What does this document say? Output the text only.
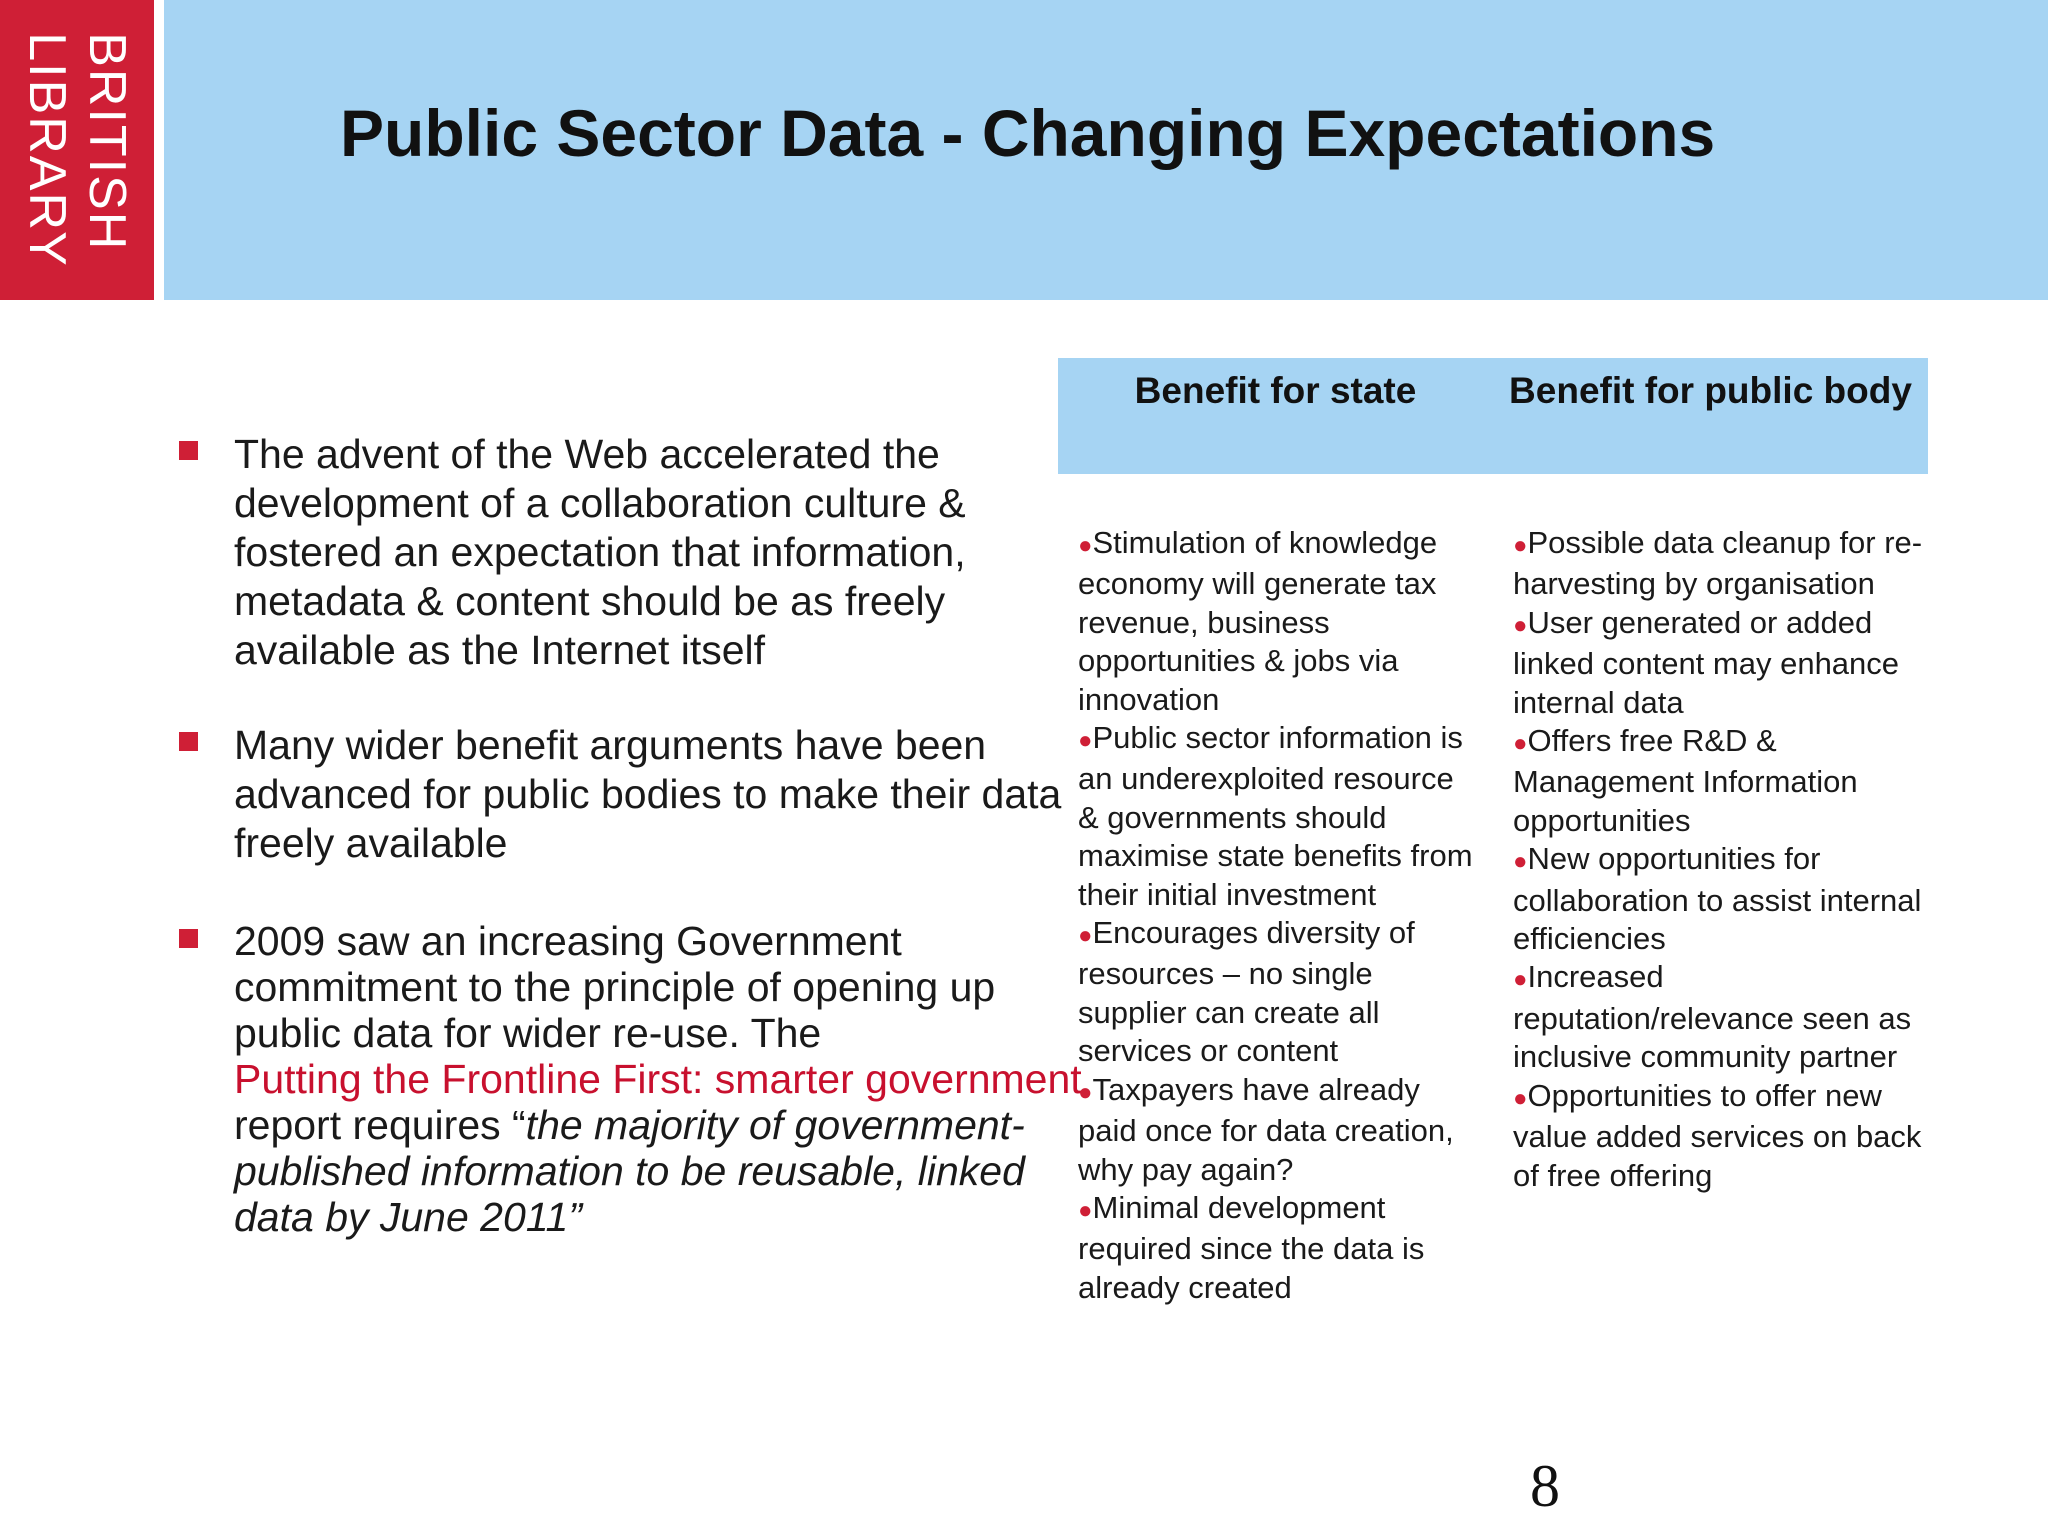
BRITISH
LIBRARY	Public Sector Data - Changing Expectations
The advent of the Web accelerated the development of a collaboration culture & fostered an expectation that information, metadata & content should be as freely available as the Internet itself
Many wider benefit arguments have been advanced for public bodies to make their data freely available
2009 saw an increasing Government commitment to the principle of opening up public data for wider re-use. The
Putting the Frontline First: smarter government
report requires “the majority of government-published information to be reusable, linked data by June 2011”
Benefit for state	Benefit for public body

●Stimulation of knowledge economy will generate tax revenue, business opportunities & jobs via innovation

●Public sector information is an underexploited resource & governments should maximise state benefits from their initial investment

●Encourages diversity of resources – no single supplier can create all services or content

●Taxpayers have already paid once for data creation, why pay again?

●Minimal development required since the data is already created

●Possible data cleanup for re-harvesting by organisation

●User generated or added linked content may enhance internal data

●Offers free R&D & Management Information opportunities

●New opportunities for collaboration to assist internal efficiencies

●Increased reputation/relevance seen as inclusive community partner

●Opportunities to offer new value added services on back of free offering

8
